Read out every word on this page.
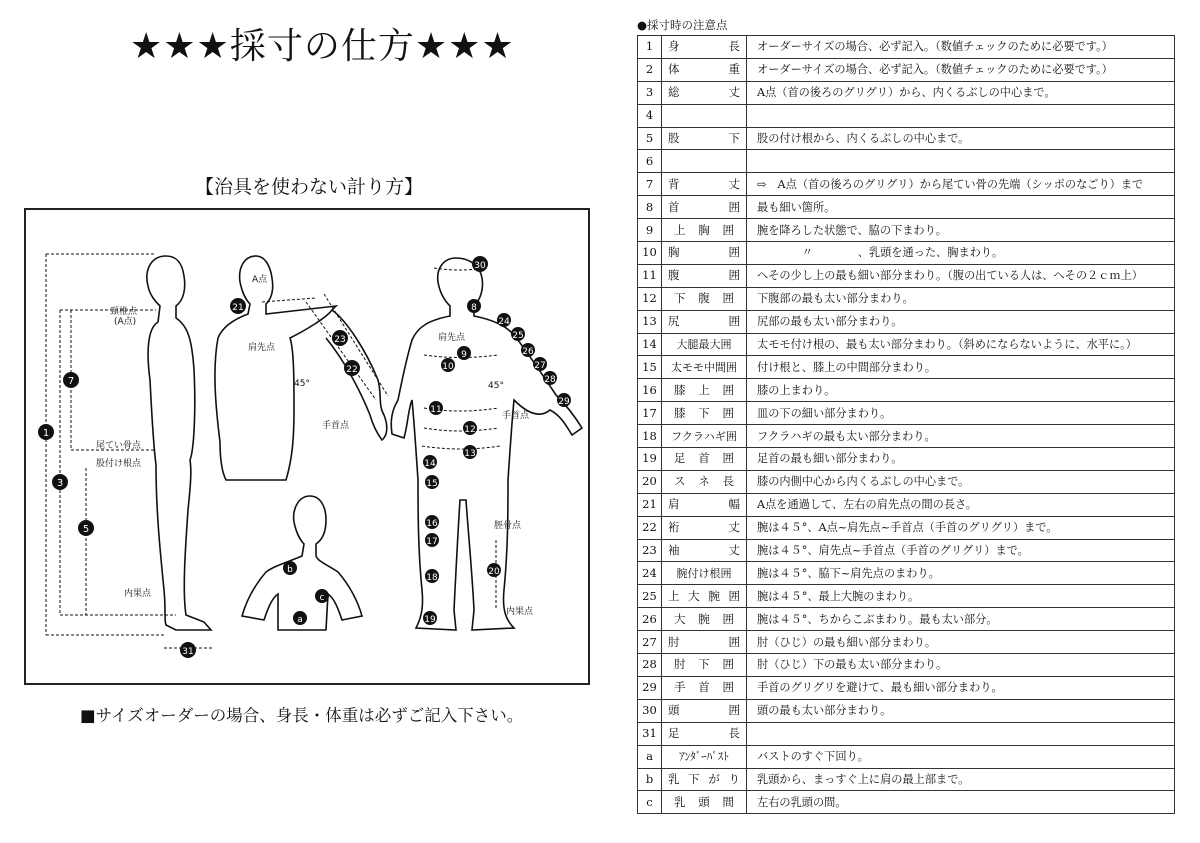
★★★採寸の仕方★★★
【治具を使わない計り方】
1
3
5
7
31
21
22
23
30
8
9
10
11
12
13
14
15
16
17
18
19
20
24
25
26
27
28
29
b
c
a
A点
頸椎点
(A点)
肩先点
肩先点
手首点
手首点
尾てい骨点
股付け根点
内果点
内果点
脛骨点
45°	45°
■サイズオーダーの場合、身長・体重は必ずご記入下さい。
●採寸時の注意点
1	身長	オーダーサイズの場合、必ず記入。（数値チェックのために必要です。）
2	体重	オーダーサイズの場合、必ず記入。（数値チェックのために必要です。）
3	総丈	A点（首の後ろのグリグリ）から、内くるぶしの中心まで。
4		
5	股下	股の付け根から、内くるぶしの中心まで。
6		
7	背丈	⇨　A点（首の後ろのグリグリ）から尾てい骨の先端（シッポのなごり）まで
8	首囲	最も細い箇所。
9	上胸囲	腕を降ろした状態で、脇の下まわり。
10	胸囲	　　　　〃　　　　、乳頭を通った、胸まわり。
11	腹囲	へその少し上の最も細い部分まわり。（腹の出ている人は、へその２ｃｍ上）
12	下腹囲	下腹部の最も太い部分まわり。
13	尻囲	尻部の最も太い部分まわり。
14	大腿最大囲	太モモ付け根の、最も太い部分まわり。（斜めにならないように、水平に。）
15	太モモ中間囲	付け根と、膝上の中間部分まわり。
16	膝上囲	膝の上まわり。
17	膝下囲	皿の下の細い部分まわり。
18	フクラハギ囲	フクラハギの最も太い部分まわり。
19	足首囲	足首の最も細い部分まわり。
20	スネ長	膝の内側中心から内くるぶしの中心まで。
21	肩幅	A点を通過して、左右の肩先点の間の長さ。
22	裄丈	腕は４５°、A点~肩先点~手首点（手首のグリグリ）まで。
23	袖丈	腕は４５°、肩先点~手首点（手首のグリグリ）まで。
24	腕付け根囲	腕は４５°、脇下~肩先点のまわり。
25	上大腕囲	腕は４５°、最上大腕のまわり。
26	大腕囲	腕は４５°、ちからこぶまわり。最も太い部分。
27	肘囲	肘（ひじ）の最も細い部分まわり。
28	肘下囲	肘（ひじ）下の最も太い部分まわり。
29	手首囲	手首のグリグリを避けて、最も細い部分まわり。
30	頭囲	頭の最も太い部分まわり。
31	足長	
a	ｱﾝﾀﾞｰﾊﾞｽﾄ	バストのすぐ下回り。
b	乳下がり	乳頭から、まっすぐ上に肩の最上部まで。
c	乳頭間	左右の乳頭の間。
